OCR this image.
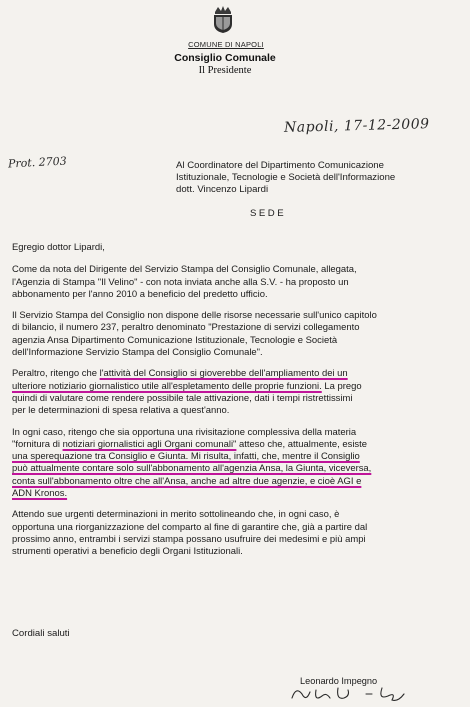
COMUNE DI NAPOLI
Consiglio Comunale
Il Presidente
Napoli, 17-12-2009
Prot. 2703	Al Coordinatore del Dipartimento Comunicazione
Istituzionale, Tecnologie e Società dell'Informazione
dott. Vincenzo Lipardi
SEDE

Egregio dottor Lipardi,

Come da nota del Dirigente del Servizio Stampa del Consiglio Comunale, allegata,
l'Agenzia di Stampa "Il Velino" - con nota inviata anche alla S.V. - ha proposto un
abbonamento per l'anno 2010 a beneficio del predetto ufficio.

Il Servizio Stampa del Consiglio non dispone delle risorse necessarie sull'unico capitolo
di bilancio, il numero 237, peraltro denominato "Prestazione di servizi collegamento
agenzia Ansa Dipartimento Comunicazione Istituzionale, Tecnologie e Società
dell'Informazione Servizio Stampa del Consiglio Comunale".

Peraltro, ritengo che l'attività del Consiglio si gioverebbe dell'ampliamento dei un
ulteriore notiziario giornalistico utile all'espletamento delle proprie funzioni. La prego
quindi di valutare come rendere possibile tale attivazione, dati i tempi ristrettissimi
per le determinazioni di spesa relativa a quest'anno.

In ogni caso, ritengo che sia opportuna una rivisitazione complessiva della materia
"fornitura di notiziari giornalistici agli Organi comunali" atteso che, attualmente, esiste
una sperequazione tra Consiglio e Giunta. Mi risulta, infatti, che, mentre il Consiglio
può attualmente contare solo sull'abbonamento all'agenzia Ansa, la Giunta, viceversa,
conta sull'abbonamento oltre che all'Ansa, anche ad altre due agenzie, e cioè AGI e
ADN Kronos.

Attendo sue urgenti determinazioni in merito sottolineando che, in ogni caso, è
opportuna una riorganizzazione del comparto al fine di garantire che, già a partire dal
prossimo anno, entrambi i servizi stampa possano usufruire dei medesimi e più ampi
strumenti operativi a beneficio degli Organi Istituzionali.

Cordiali saluti
Leonardo Impegno
